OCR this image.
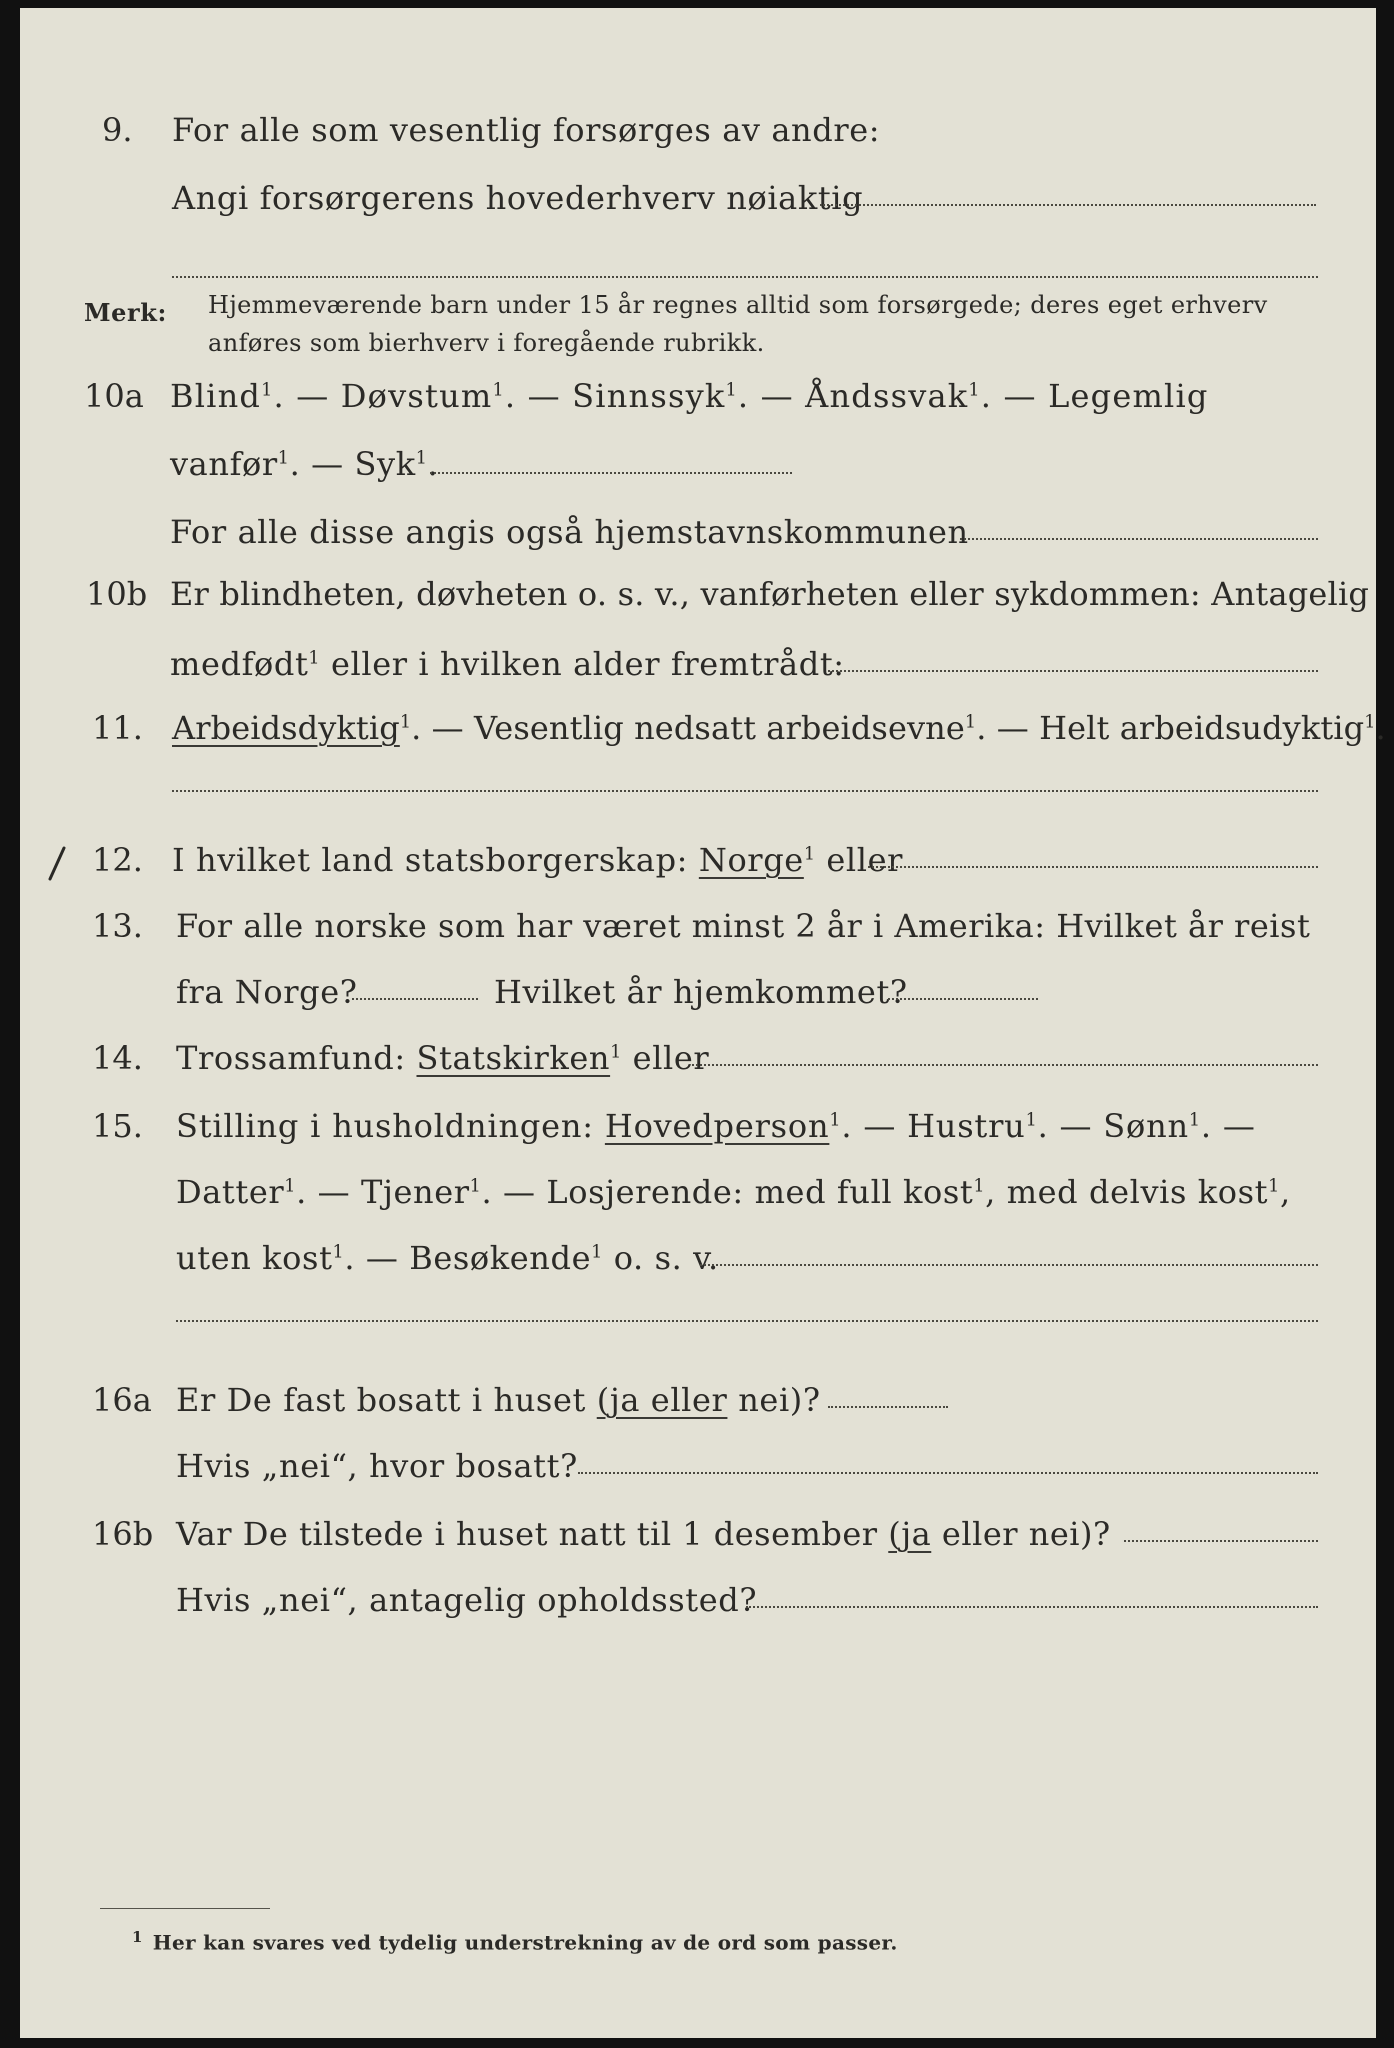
9. For alle som vesentlig forsørges av andre:
Angi forsørgerens hovederhverv nøiaktig
Merk: Hjemmeværende barn under 15 år regnes alltid som forsørgede; deres eget erhverv
anføres som bierhverv i foregående rubrikk.
10a Blind$^1$. — Døvstum$^1$. — Sinnssyk$^1$. — Åndssvak$^1$. — Legemlig
vanfør$^1$. — Syk$^1$.
For alle disse angis også hjemstavnskommunen
10b Er blindheten, døvheten o. s. v., vanførheten eller sykdommen: Antagelig
medfødt$^1$ eller i hvilken alder fremtrådt:
11. Arbeidsdyktig$^1$. — Vesentlig nedsatt arbeidsevne$^1$. — Helt arbeidsudyktig$^1$.
12. I hvilket land statsborgerskap: Norge$^1$ eller
13. For alle norske som har været minst 2 år i Amerika: Hvilket år reist
fra Norge?	Hvilket år hjemkommet?
14. Trossamfund: Statskirken$^1$ eller
15. Stilling i husholdningen: Hovedperson$^1$. — Hustru$^1$. — Sønn$^1$. —
Datter$^1$. — Tjener$^1$. — Losjerende: med full kost$^1$, med delvis kost$^1$,
uten kost$^1$. — Besøkende$^1$ o. s. v.
16a Er De fast bosatt i huset (ja eller nei)?
Hvis „nei“, hvor bosatt?
16b Var De tilstede i huset natt til 1 desember (ja eller nei)?
Hvis „nei“, antagelig opholdssted?
$^1$ Her kan svares ved tydelig understrekning av de ord som passer.
